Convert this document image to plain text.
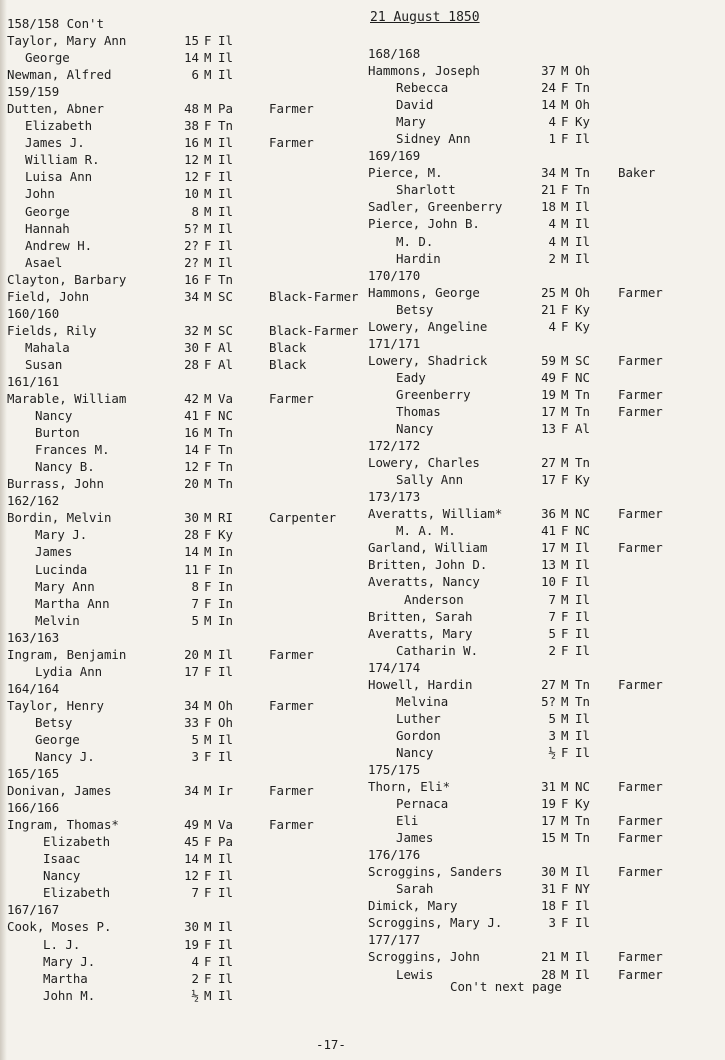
21 August 1850
158/158 Con't
Taylor, Mary Ann	15 F Il
George	14 M Il
Newman, Alfred	6 M Il
159/159
Dutten, Abner	48 M Pa	Farmer
Elizabeth	38 F Tn
James J.	16 M Il	Farmer
William R.	12 M Il
Luisa Ann	12 F Il
John	10 M Il
George	8 M Il
Hannah	5? M Il
Andrew H.	2? F Il
Asael	2? M Il
Clayton, Barbary	16 F Tn
Field, John	34 M SC	Black-Farmer
160/160
Fields, Rily	32 M SC	Black-Farmer
Mahala	30 F Al	Black
Susan	28 F Al	Black
161/161
Marable, William	42 M Va	Farmer
Nancy	41 F NC
Burton	16 M Tn
Frances M.	14 F Tn
Nancy B.	12 F Tn
Burrass, John	20 M Tn
162/162
Bordin, Melvin	30 M RI	Carpenter
Mary J.	28 F Ky
James	14 M In
Lucinda	11 F In
Mary Ann	8 F In
Martha Ann	7 F In
Melvin	5 M In
163/163
Ingram, Benjamin	20 M Il	Farmer
Lydia Ann	17 F Il
164/164
Taylor, Henry	34 M Oh	Farmer
Betsy	33 F Oh
George	5 M Il
Nancy J.	3 F Il
165/165
Donivan, James	34 M Ir	Farmer
166/166
Ingram, Thomas*	49 M Va	Farmer
Elizabeth	45 F Pa
Isaac	14 M Il
Nancy	12 F Il
Elizabeth	7 F Il
167/167
Cook, Moses P.	30 M Il
L. J.	19 F Il
Mary J.	4 F Il
Martha	2 F Il
John M.	½ M Il
168/168
Hammons, Joseph	37 M Oh
Rebecca	24 F Tn
David	14 M Oh
Mary	4 F Ky
Sidney Ann	1 F Il
169/169
Pierce, M.	34 M Tn Baker
Sharlott	21 F Tn
Sadler, Greenberry	18 M Il
Pierce, John B.	4 M Il
M. D.	4 M Il
Hardin	2 M Il
170/170
Hammons, George	25 M Oh Farmer
Betsy	21 F Ky
Lowery, Angeline	4 F Ky
171/171
Lowery, Shadrick	59 M SC Farmer
Eady	49 F NC
Greenberry	19 M Tn Farmer
Thomas	17 M Tn Farmer
Nancy	13 F Al
172/172
Lowery, Charles	27 M Tn
Sally Ann	17 F Ky
173/173
Averatts, William*	36 M NC Farmer
M. A. M.	41 F NC
Garland, William	17 M Il Farmer
Britten, John D.	13 M Il
Averatts, Nancy	10 F Il
Anderson	7 M Il
Britten, Sarah	7 F Il
Averatts, Mary	5 F Il
Catharin W.	2 F Il
174/174
Howell, Hardin	27 M Tn Farmer
Melvina	5? M Tn
Luther	5 M Il
Gordon	3 M Il
Nancy	½ F Il
175/175
Thorn, Eli*	31 M NC Farmer
Pernaca	19 F Ky
Eli	17 M Tn Farmer
James	15 M Tn Farmer
176/176
Scroggins, Sanders	30 M Il Farmer
Sarah	31 F NY
Dimick, Mary	18 F Il
Scroggins, Mary J.	3 F Il
177/177
Scroggins, John	21 M Il Farmer
Lewis	28 M Il Farmer
Con't next page
-17-
